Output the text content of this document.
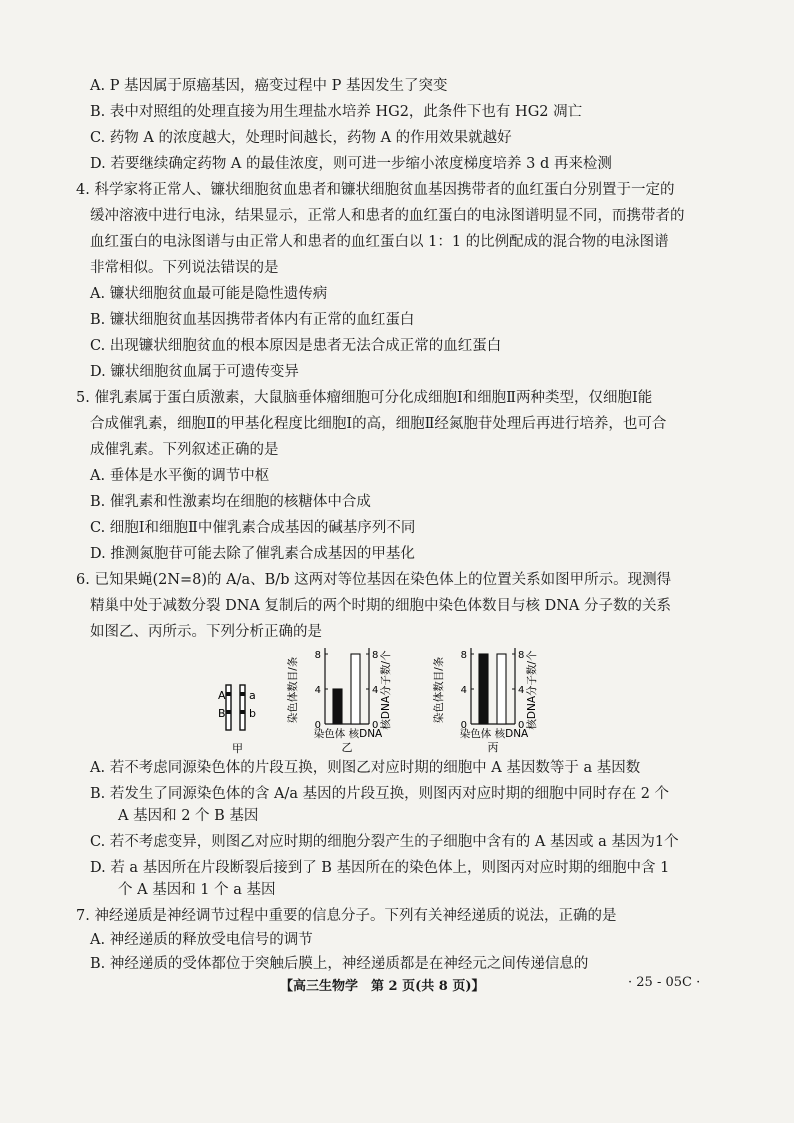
A. P 基因属于原癌基因，癌变过程中 P 基因发生了突变
B. 表中对照组的处理直接为用生理盐水培养 HG2，此条件下也有 HG2 凋亡
C. 药物 A 的浓度越大，处理时间越长，药物 A 的作用效果就越好
D. 若要继续确定药物 A 的最佳浓度，则可进一步缩小浓度梯度培养 3 d 再来检测
4. 科学家将正常人、镰状细胞贫血患者和镰状细胞贫血基因携带者的血红蛋白分别置于一定的
缓冲溶液中进行电泳，结果显示，正常人和患者的血红蛋白的电泳图谱明显不同，而携带者的
血红蛋白的电泳图谱与由正常人和患者的血红蛋白以 1：1 的比例配成的混合物的电泳图谱
非常相似。下列说法错误的是
A. 镰状细胞贫血最可能是隐性遗传病
B. 镰状细胞贫血基因携带者体内有正常的血红蛋白
C. 出现镰状细胞贫血的根本原因是患者无法合成正常的血红蛋白
D. 镰状细胞贫血属于可遗传变异
5. 催乳素属于蛋白质激素，大鼠脑垂体瘤细胞可分化成细胞Ⅰ和细胞Ⅱ两种类型，仅细胞Ⅰ能
合成催乳素，细胞Ⅱ的甲基化程度比细胞Ⅰ的高，细胞Ⅱ经氮胞苷处理后再进行培养，也可合
成催乳素。下列叙述正确的是
A. 垂体是水平衡的调节中枢
B. 催乳素和性激素均在细胞的核糖体中合成
C. 细胞Ⅰ和细胞Ⅱ中催乳素合成基因的碱基序列不同
D. 推测氮胞苷可能去除了催乳素合成基因的甲基化
6. 已知果蝇(2N=8)的 A/a、B/b 这两对等位基因在染色体上的位置关系如图甲所示。现测得
精巢中处于减数分裂 DNA 复制后的两个时期的细胞中染色体数目与核 DNA 分子数的关系
如图乙、丙所示。下列分析正确的是
A
B
a
b
甲
染色体数目/条	核DNA分子数/个
0	0
4	4
8	8
染色体 核DNA
乙
染色体数目/条	核DNA分子数/个
0	0
4	4
8	8
染色体 核DNA
丙
A. 若不考虑同源染色体的片段互换，则图乙对应时期的细胞中 A 基因数等于 a 基因数
B. 若发生了同源染色体的含 A/a 基因的片段互换，则图丙对应时期的细胞中同时存在 2 个
A 基因和 2 个 B 基因
C. 若不考虑变异，则图乙对应时期的细胞分裂产生的子细胞中含有的 A 基因或 a 基因为1个
D. 若 a 基因所在片段断裂后接到了 B 基因所在的染色体上，则图丙对应时期的细胞中含 1
个 A 基因和 1 个 a 基因
7. 神经递质是神经调节过程中重要的信息分子。下列有关神经递质的说法，正确的是
A. 神经递质的释放受电信号的调节
B. 神经递质的受体都位于突触后膜上，神经递质都是在神经元之间传递信息的
【高三生物学　第 2 页(共 8 页)】	· 25 - 05C ·
